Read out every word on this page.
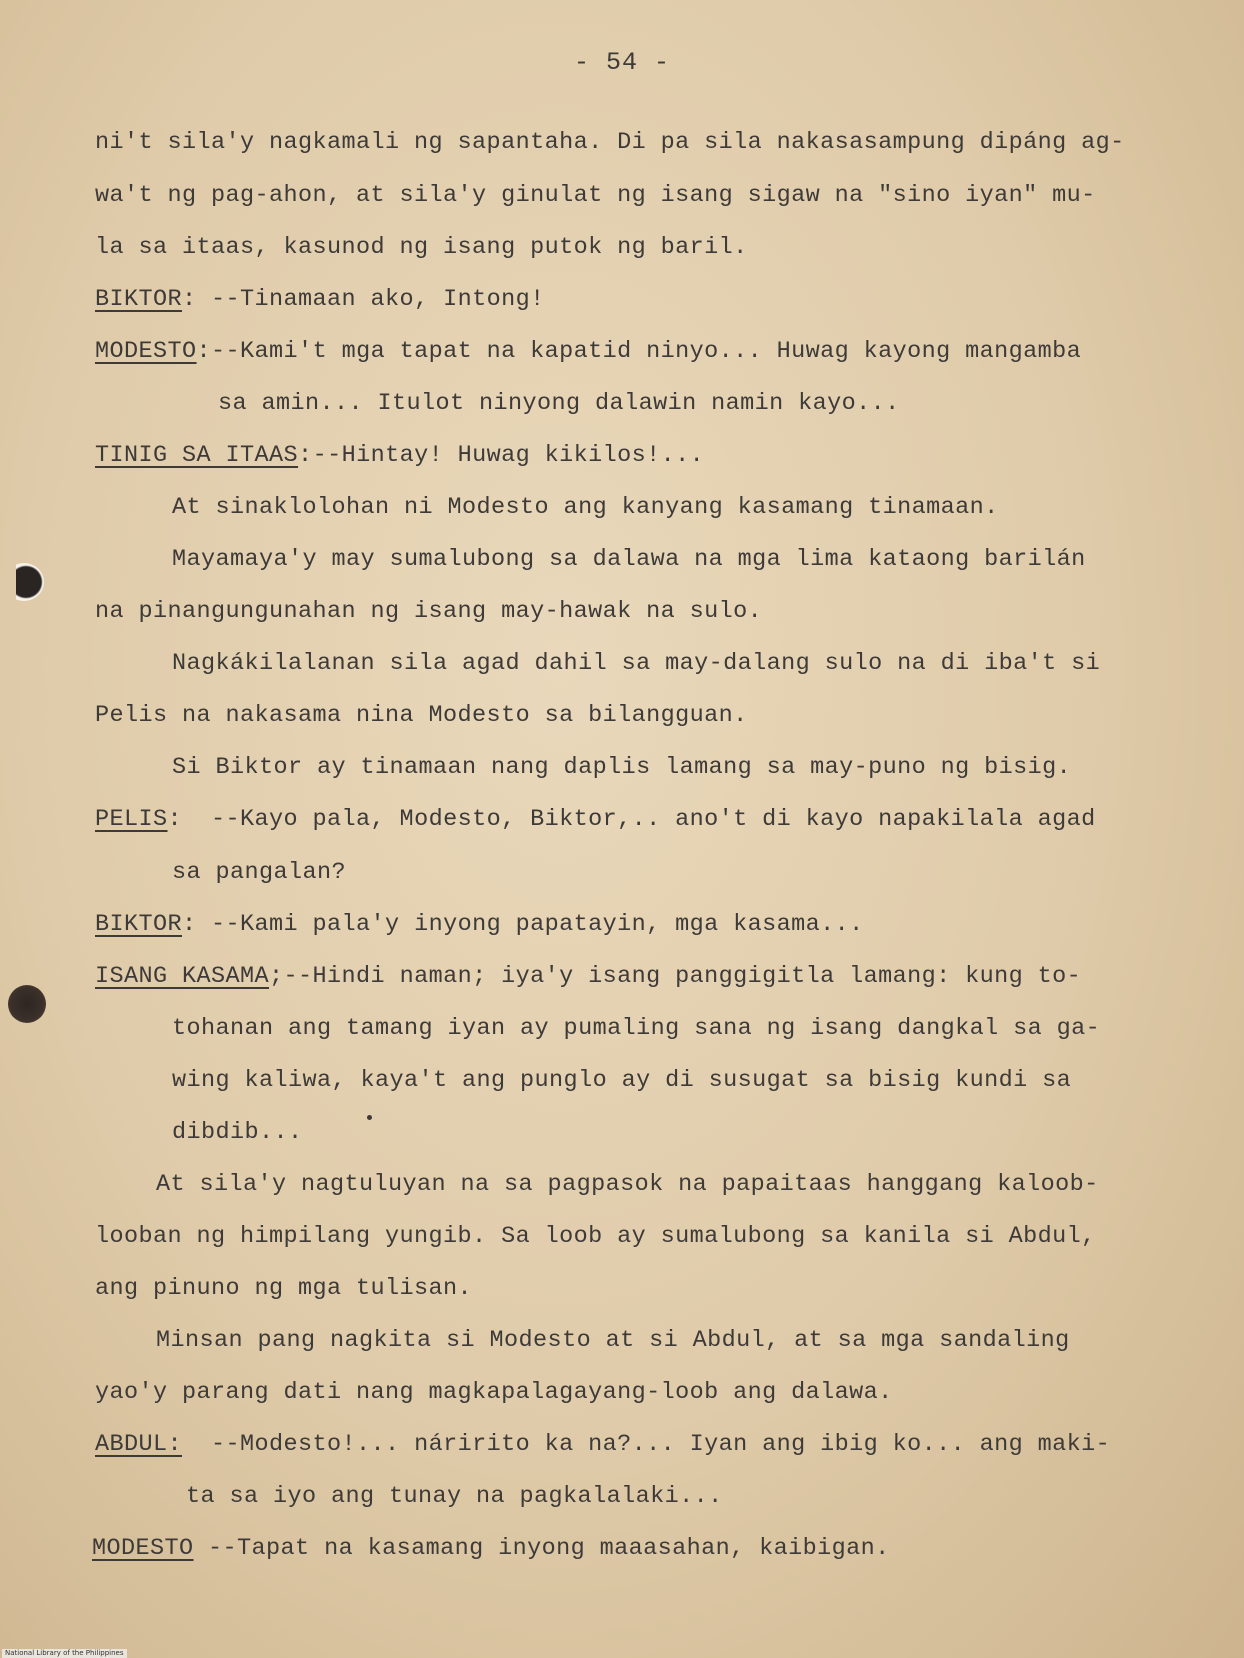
- 54 -
ni't sila'y nagkamali ng sapantaha. Di pa sila nakasasampung dipáng ag-
wa't ng pag-ahon, at sila'y ginulat ng isang sigaw na "sino iyan" mu-
la sa itaas, kasunod ng isang putok ng baril.
BIKTOR: --Tinamaan ako, Intong!
MODESTO:--Kami't mga tapat na kapatid ninyo... Huwag kayong mangamba
sa amin... Itulot ninyong dalawin namin kayo...
TINIG SA ITAAS:--Hintay! Huwag kikilos!...
At sinaklolohan ni Modesto ang kanyang kasamang tinamaan.
Mayamaya'y may sumalubong sa dalawa na mga lima kataong barilán
na pinangungunahan ng isang may-hawak na sulo.
Nagkákilalanan sila agad dahil sa may-dalang sulo na di iba't si
Pelis na nakasama nina Modesto sa bilangguan.
Si Biktor ay tinamaan nang daplis lamang sa may-puno ng bisig.
PELIS:  --Kayo pala, Modesto, Biktor,.. ano't di kayo napakilala agad
sa pangalan?
BIKTOR: --Kami pala'y inyong papatayin, mga kasama...
ISANG KASAMA;--Hindi naman; iya'y isang panggigitla lamang: kung to-
tohanan ang tamang iyan ay pumaling sana ng isang dangkal sa ga-
wing kaliwa, kaya't ang punglo ay di susugat sa bisig kundi sa
dibdib...
At sila'y nagtuluyan na sa pagpasok na papaitaas hanggang kaloob-
looban ng himpilang yungib. Sa loob ay sumalubong sa kanila si Abdul,
ang pinuno ng mga tulisan.
Minsan pang nagkita si Modesto at si Abdul, at sa mga sandaling
yao'y parang dati nang magkapalagayang-loob ang dalawa.
ABDUL: --Modesto!... náririto ka na?... Iyan ang ibig ko... ang maki-
ta sa iyo ang tunay na pagkalalaki...
MODESTO --Tapat na kasamang inyong maaasahan, kaibigan.
National Library of the Philippines
